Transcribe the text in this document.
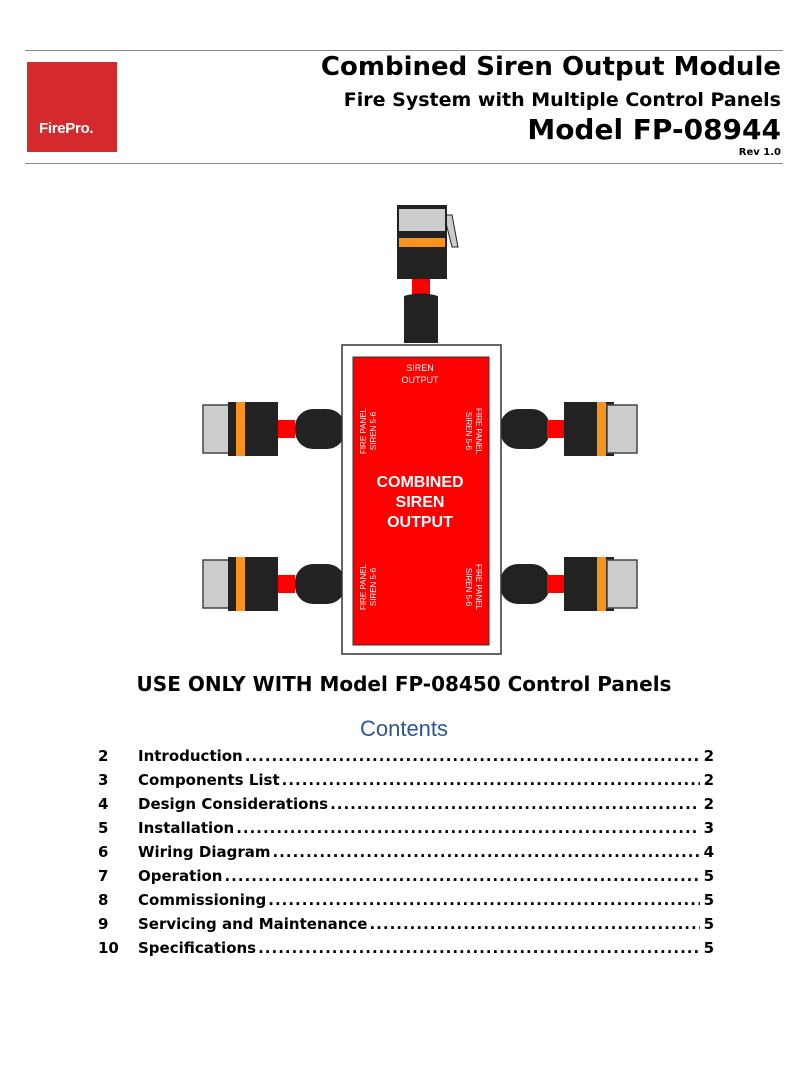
FirePro.
Combined Siren Output Module
Fire System with Multiple Control Panels
Model FP-08944
Rev 1.0
SIREN
OUTPUT
COMBINED
SIREN
OUTPUT
FIRE PANEL SIREN 5-6
FIRE PANEL SIREN 5-6
FIRE PANEL
SIREN 5-6
FIRE PANEL
SIREN 5-6
USE ONLY WITH Model FP-08450 Control Panels
Contents
2	Introduction .....	2
3	Components List .....	2
4	Design Considerations .....	2
5	Installation .....	3
6	Wiring Diagram .....	4
7	Operation .....	5
8	Commissioning .....	5
9	Servicing and Maintenance .....	5
10	Specifications .....	5
